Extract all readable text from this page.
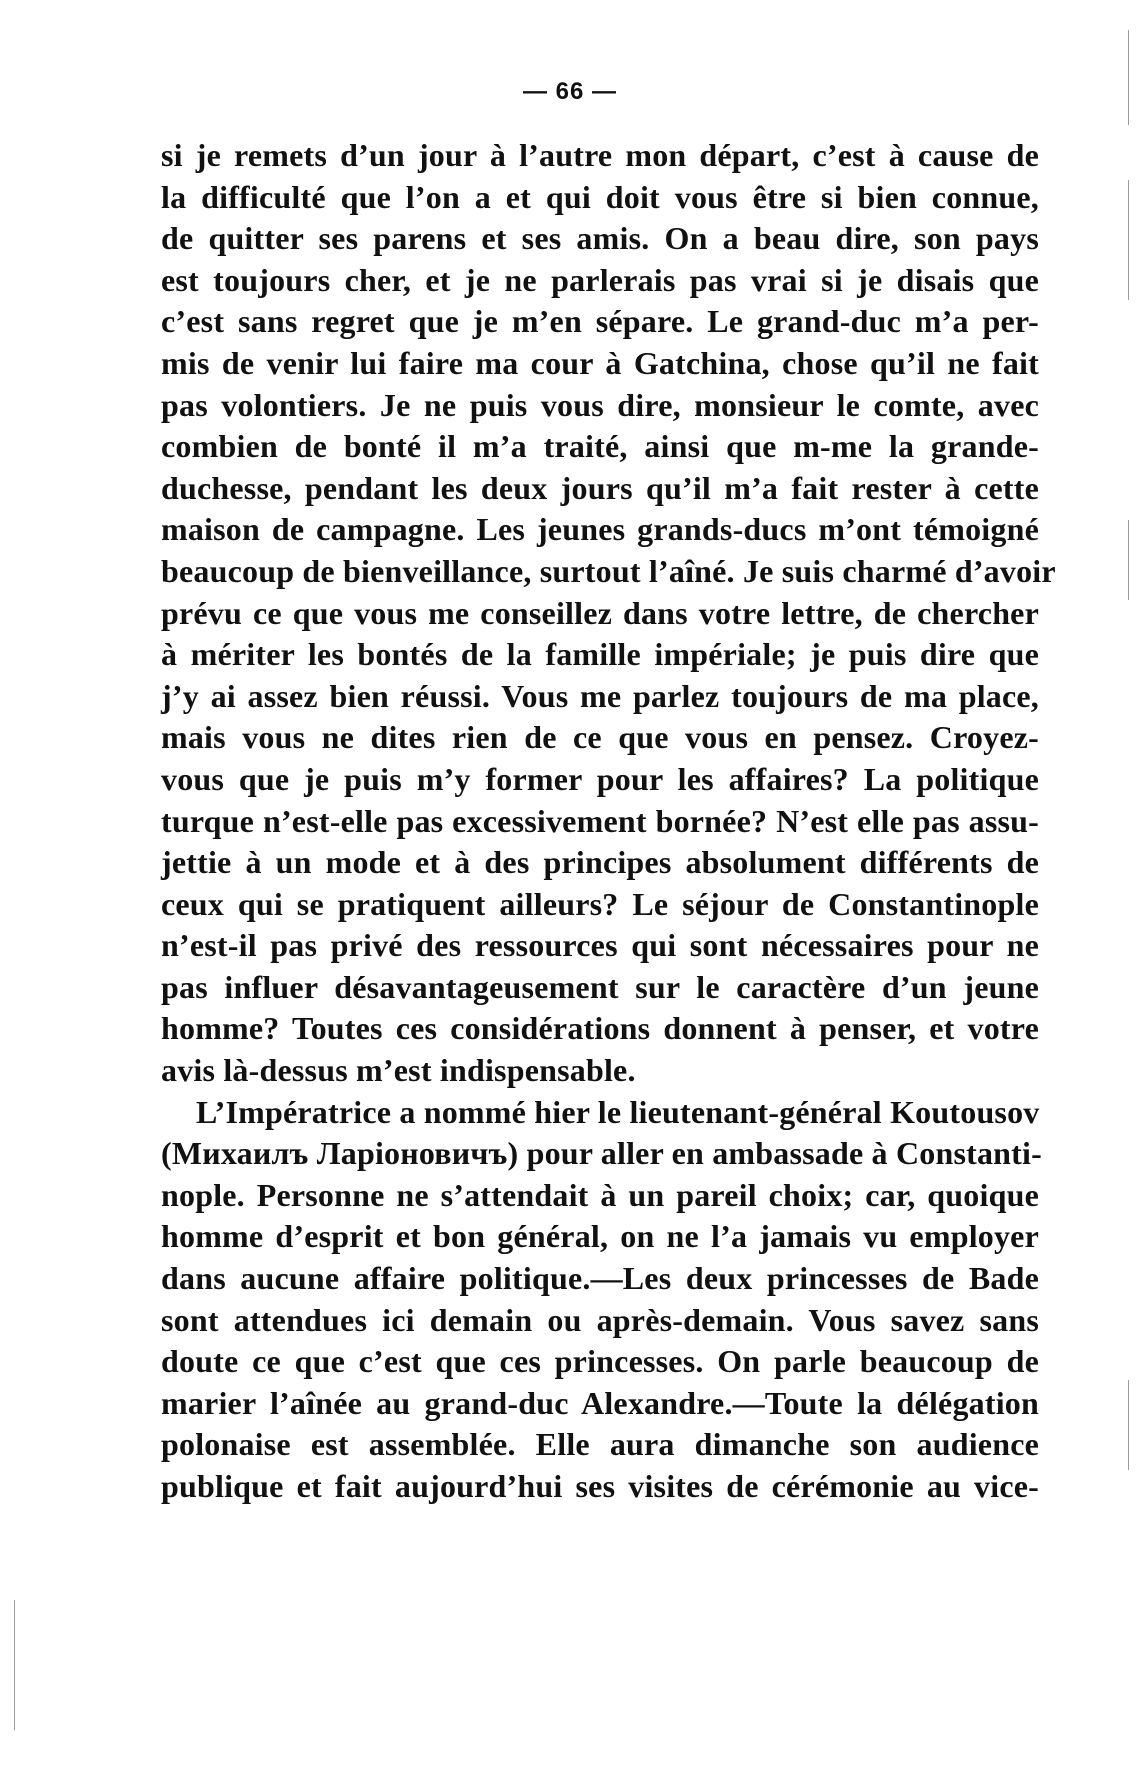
— 66 —
si je remets d’un jour à l’autre mon départ, c’est à cause de
la difficulté que l’on a et qui doit vous être si bien connue,
de quitter ses parens et ses amis. On a beau dire, son pays
est toujours cher, et je ne parlerais pas vrai si je disais que
c’est sans regret que je m’en sépare. Le grand-duc m’a per-
mis de venir lui faire ma cour à Gatchina, chose qu’il ne fait
pas volontiers. Je ne puis vous dire, monsieur le comte, avec
combien de bonté il m’a traité, ainsi que m-me la grande-
duchesse, pendant les deux jours qu’il m’a fait rester à cette
maison de campagne. Les jeunes grands-ducs m’ont témoigné
beaucoup de bienveillance, surtout l’aîné. Je suis charmé d’avoir
prévu ce que vous me conseillez dans votre lettre, de chercher
à mériter les bontés de la famille impériale; je puis dire que
j’y ai assez bien réussi. Vous me parlez toujours de ma place,
mais vous ne dites rien de ce que vous en pensez. Croyez-
vous que je puis m’y former pour les affaires? La politique
turque n’est-elle pas excessivement bornée? N’est elle pas assu-
jettie à un mode et à des principes absolument différents de
ceux qui se pratiquent ailleurs? Le séjour de Constantinople
n’est-il pas privé des ressources qui sont nécessaires pour ne
pas influer désavantageusement sur le caractère d’un jeune
homme? Toutes ces considérations donnent à penser, et votre
avis là-dessus m’est indispensable.
L’Impératrice a nommé hier le lieutenant-général Koutousov
(Михаилъ Ларіоновичъ) pour aller en ambassade à Constanti-
nople. Personne ne s’attendait à un pareil choix; car, quoique
homme d’esprit et bon général, on ne l’a jamais vu employer
dans aucune affaire politique.—Les deux princesses de Bade
sont attendues ici demain ou après-demain. Vous savez sans
doute ce que c’est que ces princesses. On parle beaucoup de
marier l’aînée au grand-duc Alexandre.—Toute la délégation
polonaise est assemblée. Elle aura dimanche son audience
publique et fait aujourd’hui ses visites de cérémonie au vice-
